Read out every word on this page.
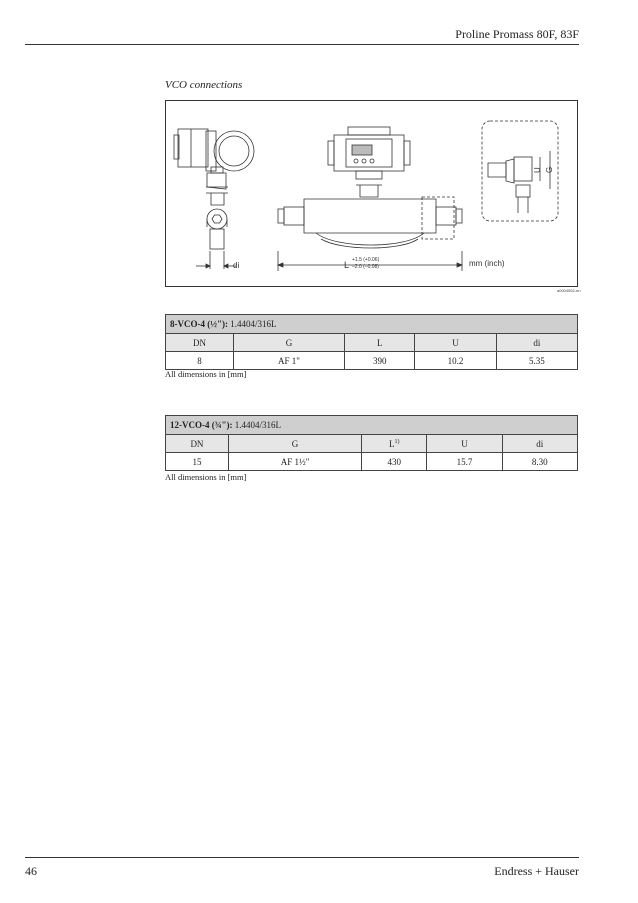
Proline Promass 80F, 83F
VCO connections
di	L +1.5 (+0.06)
–2.0 (–0.08)	mm (inch)
U G
a0004552-en
8-VCO-4 (½"): 1.4404/316L				
DN	G	L	U	di
8	AF 1"	390	10.2	5.35
All dimensions in [mm]
12-VCO-4 (¾"): 1.4404/316L				
DN	G	$L^{1)}$	U	di
15	AF 1½"	430	15.7	8.30
All dimensions in [mm]
46	Endress + Hauser
